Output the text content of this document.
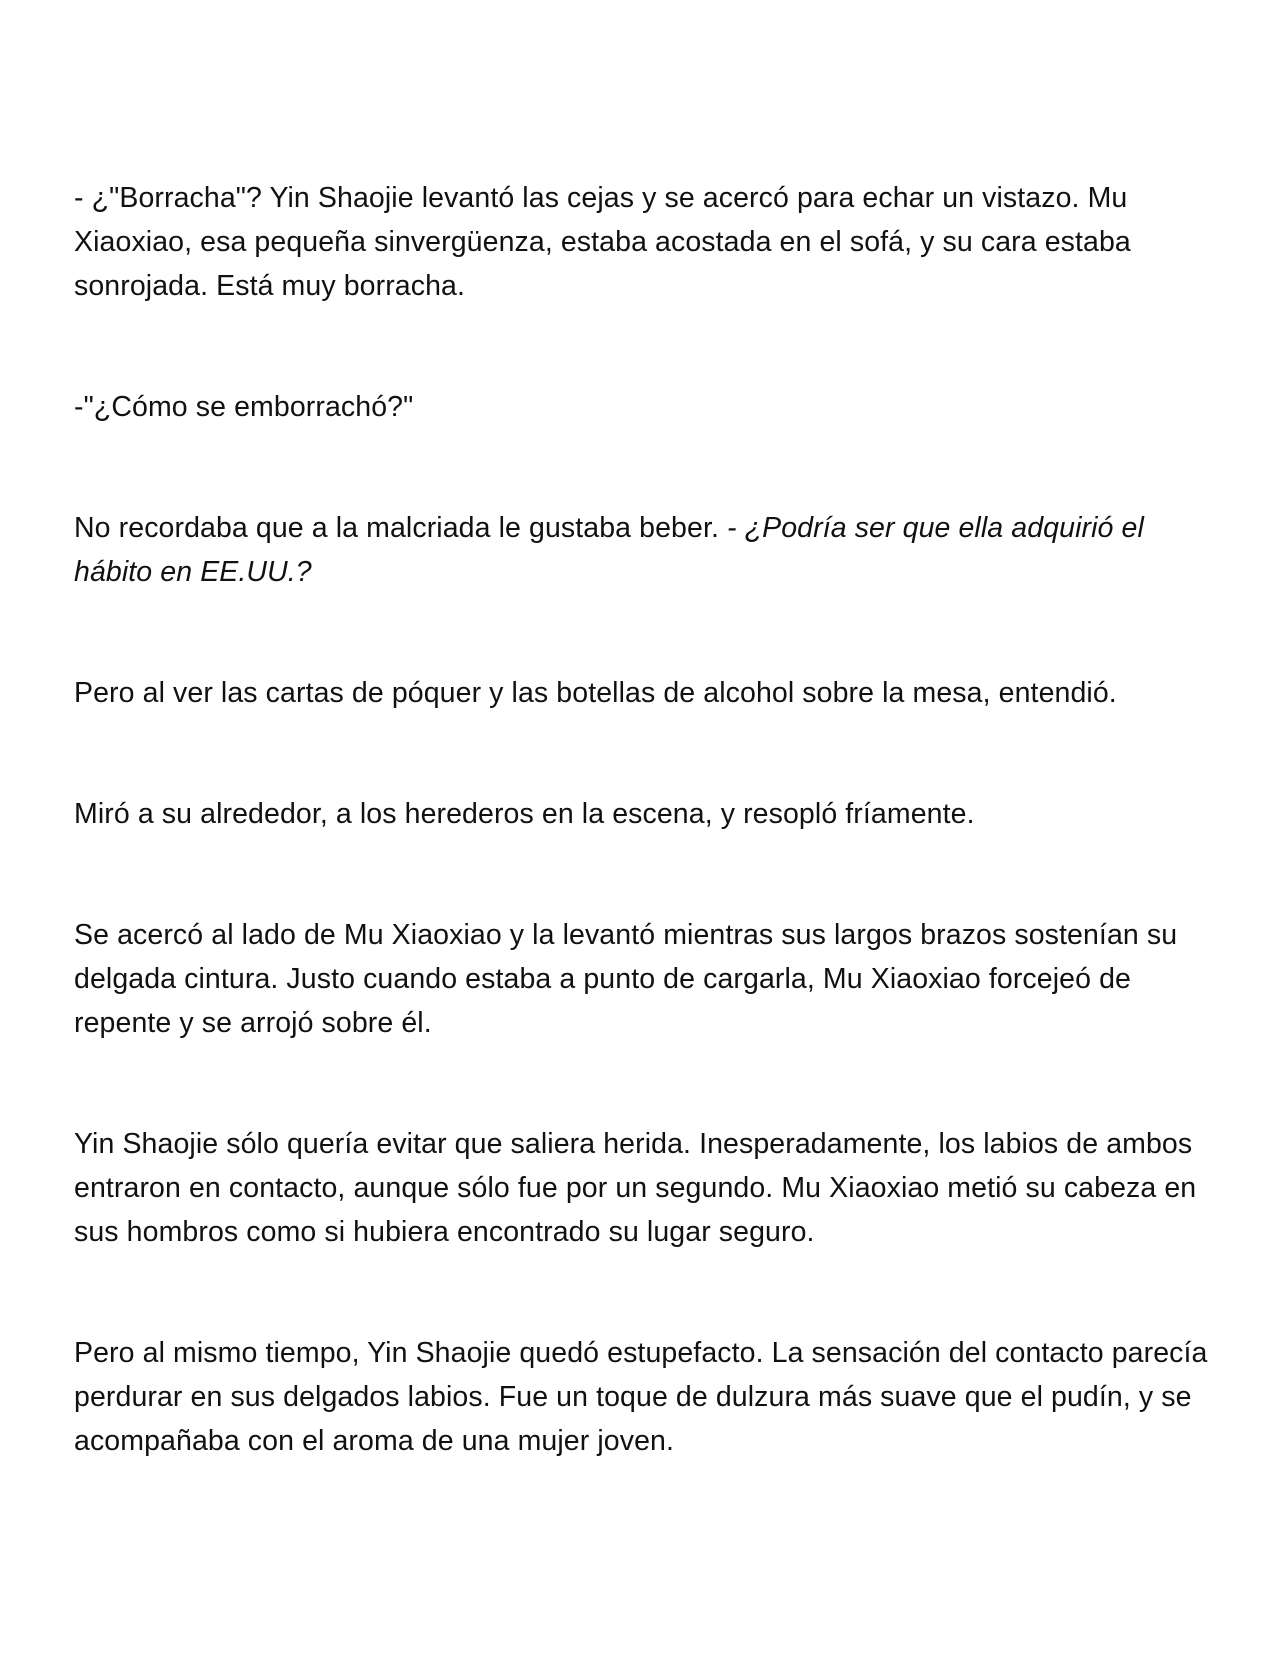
- ¿"Borracha"? Yin Shaojie levantó las cejas y se acercó para echar un vistazo. Mu Xiaoxiao, esa pequeña sinvergüenza, estaba acostada en el sofá, y su cara estaba sonrojada. Está muy borracha.

-"¿Cómo se emborrachó?"

No recordaba que a la malcriada le gustaba beber. - ¿Podría ser que ella adquirió el hábito en EE.UU.?

Pero al ver las cartas de póquer y las botellas de alcohol sobre la mesa, entendió.

Miró a su alrededor, a los herederos en la escena, y resopló fríamente.

Se acercó al lado de Mu Xiaoxiao y la levantó mientras sus largos brazos sostenían su delgada cintura. Justo cuando estaba a punto de cargarla, Mu Xiaoxiao forcejeó de repente y se arrojó sobre él.

Yin Shaojie sólo quería evitar que saliera herida. Inesperadamente, los labios de ambos entraron en contacto, aunque sólo fue por un segundo. Mu Xiaoxiao metió su cabeza en sus hombros como si hubiera encontrado su lugar seguro.

Pero al mismo tiempo, Yin Shaojie quedó estupefacto. La sensación del contacto parecía perdurar en sus delgados labios. Fue un toque de dulzura más suave que el pudín, y se acompañaba con el aroma de una mujer joven.
